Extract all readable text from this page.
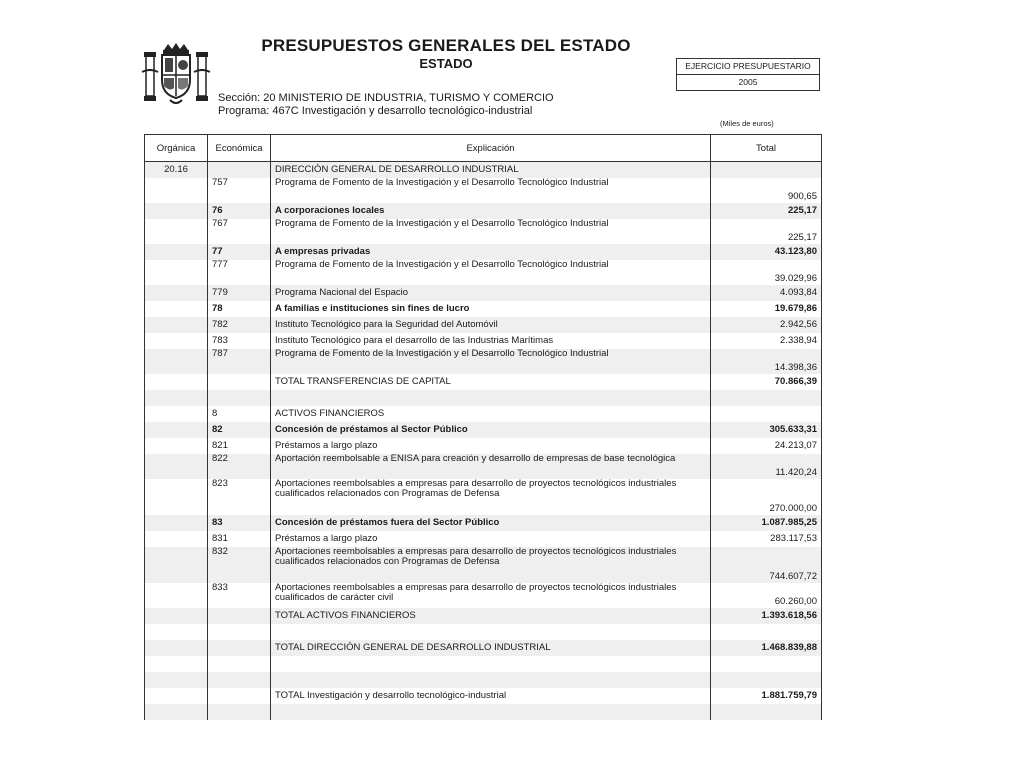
PRESUPUESTOS GENERALES DEL ESTADO
ESTADO	EJERCICIO PRESUPUESTARIO
2005
Sección: 20 MINISTERIO DE INDUSTRIA, TURISMO Y COMERCIO
Programa: 467C Investigación y desarrollo tecnológico-industrial
(Miles de euros)
Orgánica	Económica	Explicación	Total
20.16		DIRECCIÓN GENERAL DE DESARROLLO INDUSTRIAL	
	757	Programa de Fomento de la Investigación y el Desarrollo Tecnológico Industrial	900,65
	76	A corporaciones locales	225,17
	767	Programa de Fomento de la Investigación y el Desarrollo Tecnológico Industrial	225,17
	77	A empresas privadas	43.123,80
	777	Programa de Fomento de la Investigación y el Desarrollo Tecnológico Industrial	39.029,96
	779	Programa Nacional del Espacio	4.093,84
	78	A familias e instituciones sin fines de lucro	19.679,86
	782	Instituto Tecnológico para la Seguridad del Automóvil	2.942,56
	783	Instituto Tecnológico para el desarrollo de las Industrias Marítimas	2.338,94
	787	Programa de Fomento de la Investigación y el Desarrollo Tecnológico Industrial	14.398,36
		TOTAL TRANSFERENCIAS DE CAPITAL	70.866,39

	8	ACTIVOS FINANCIEROS	
	82	Concesión de préstamos al Sector Público	305.633,31
	821	Préstamos a largo plazo	24.213,07
	822	Aportación reembolsable a ENISA para creación y desarrollo de empresas de base tecnológica	11.420,24
	823	Aportaciones reembolsables a empresas para desarrollo de proyectos tecnológicos industriales cualificados relacionados con Programas de Defensa	270.000,00
	83	Concesión de préstamos fuera del Sector Público	1.087.985,25
	831	Préstamos a largo plazo	283.117,53
	832	Aportaciones reembolsables a empresas para desarrollo de proyectos tecnológicos industriales cualificados relacionados con Programas de Defensa	744.607,72
	833	Aportaciones reembolsables a empresas para desarrollo de proyectos tecnológicos industriales cualificados de carácter civil	60.260,00
		TOTAL ACTIVOS FINANCIEROS	1.393.618,56

		TOTAL DIRECCIÓN GENERAL DE DESARROLLO INDUSTRIAL	1.468.839,88

		TOTAL Investigación y desarrollo tecnológico-industrial	1.881.759,79
